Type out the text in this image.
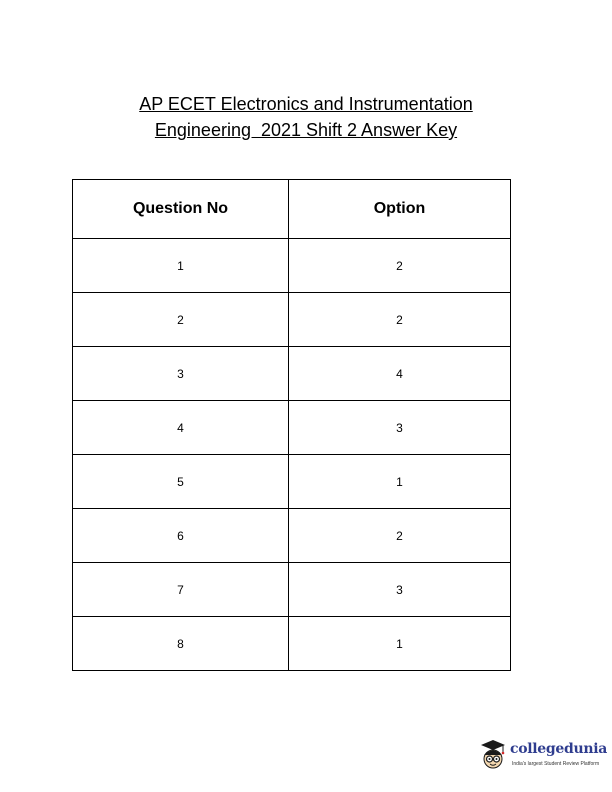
AP ECET Electronics and Instrumentation
Engineering  2021 Shift 2 Answer Key
Question No	Option
1	2
2	2
3	4
4	3
5	1
6	2
7	3
8	1
collegedunia
India's largest Student Review Platform
